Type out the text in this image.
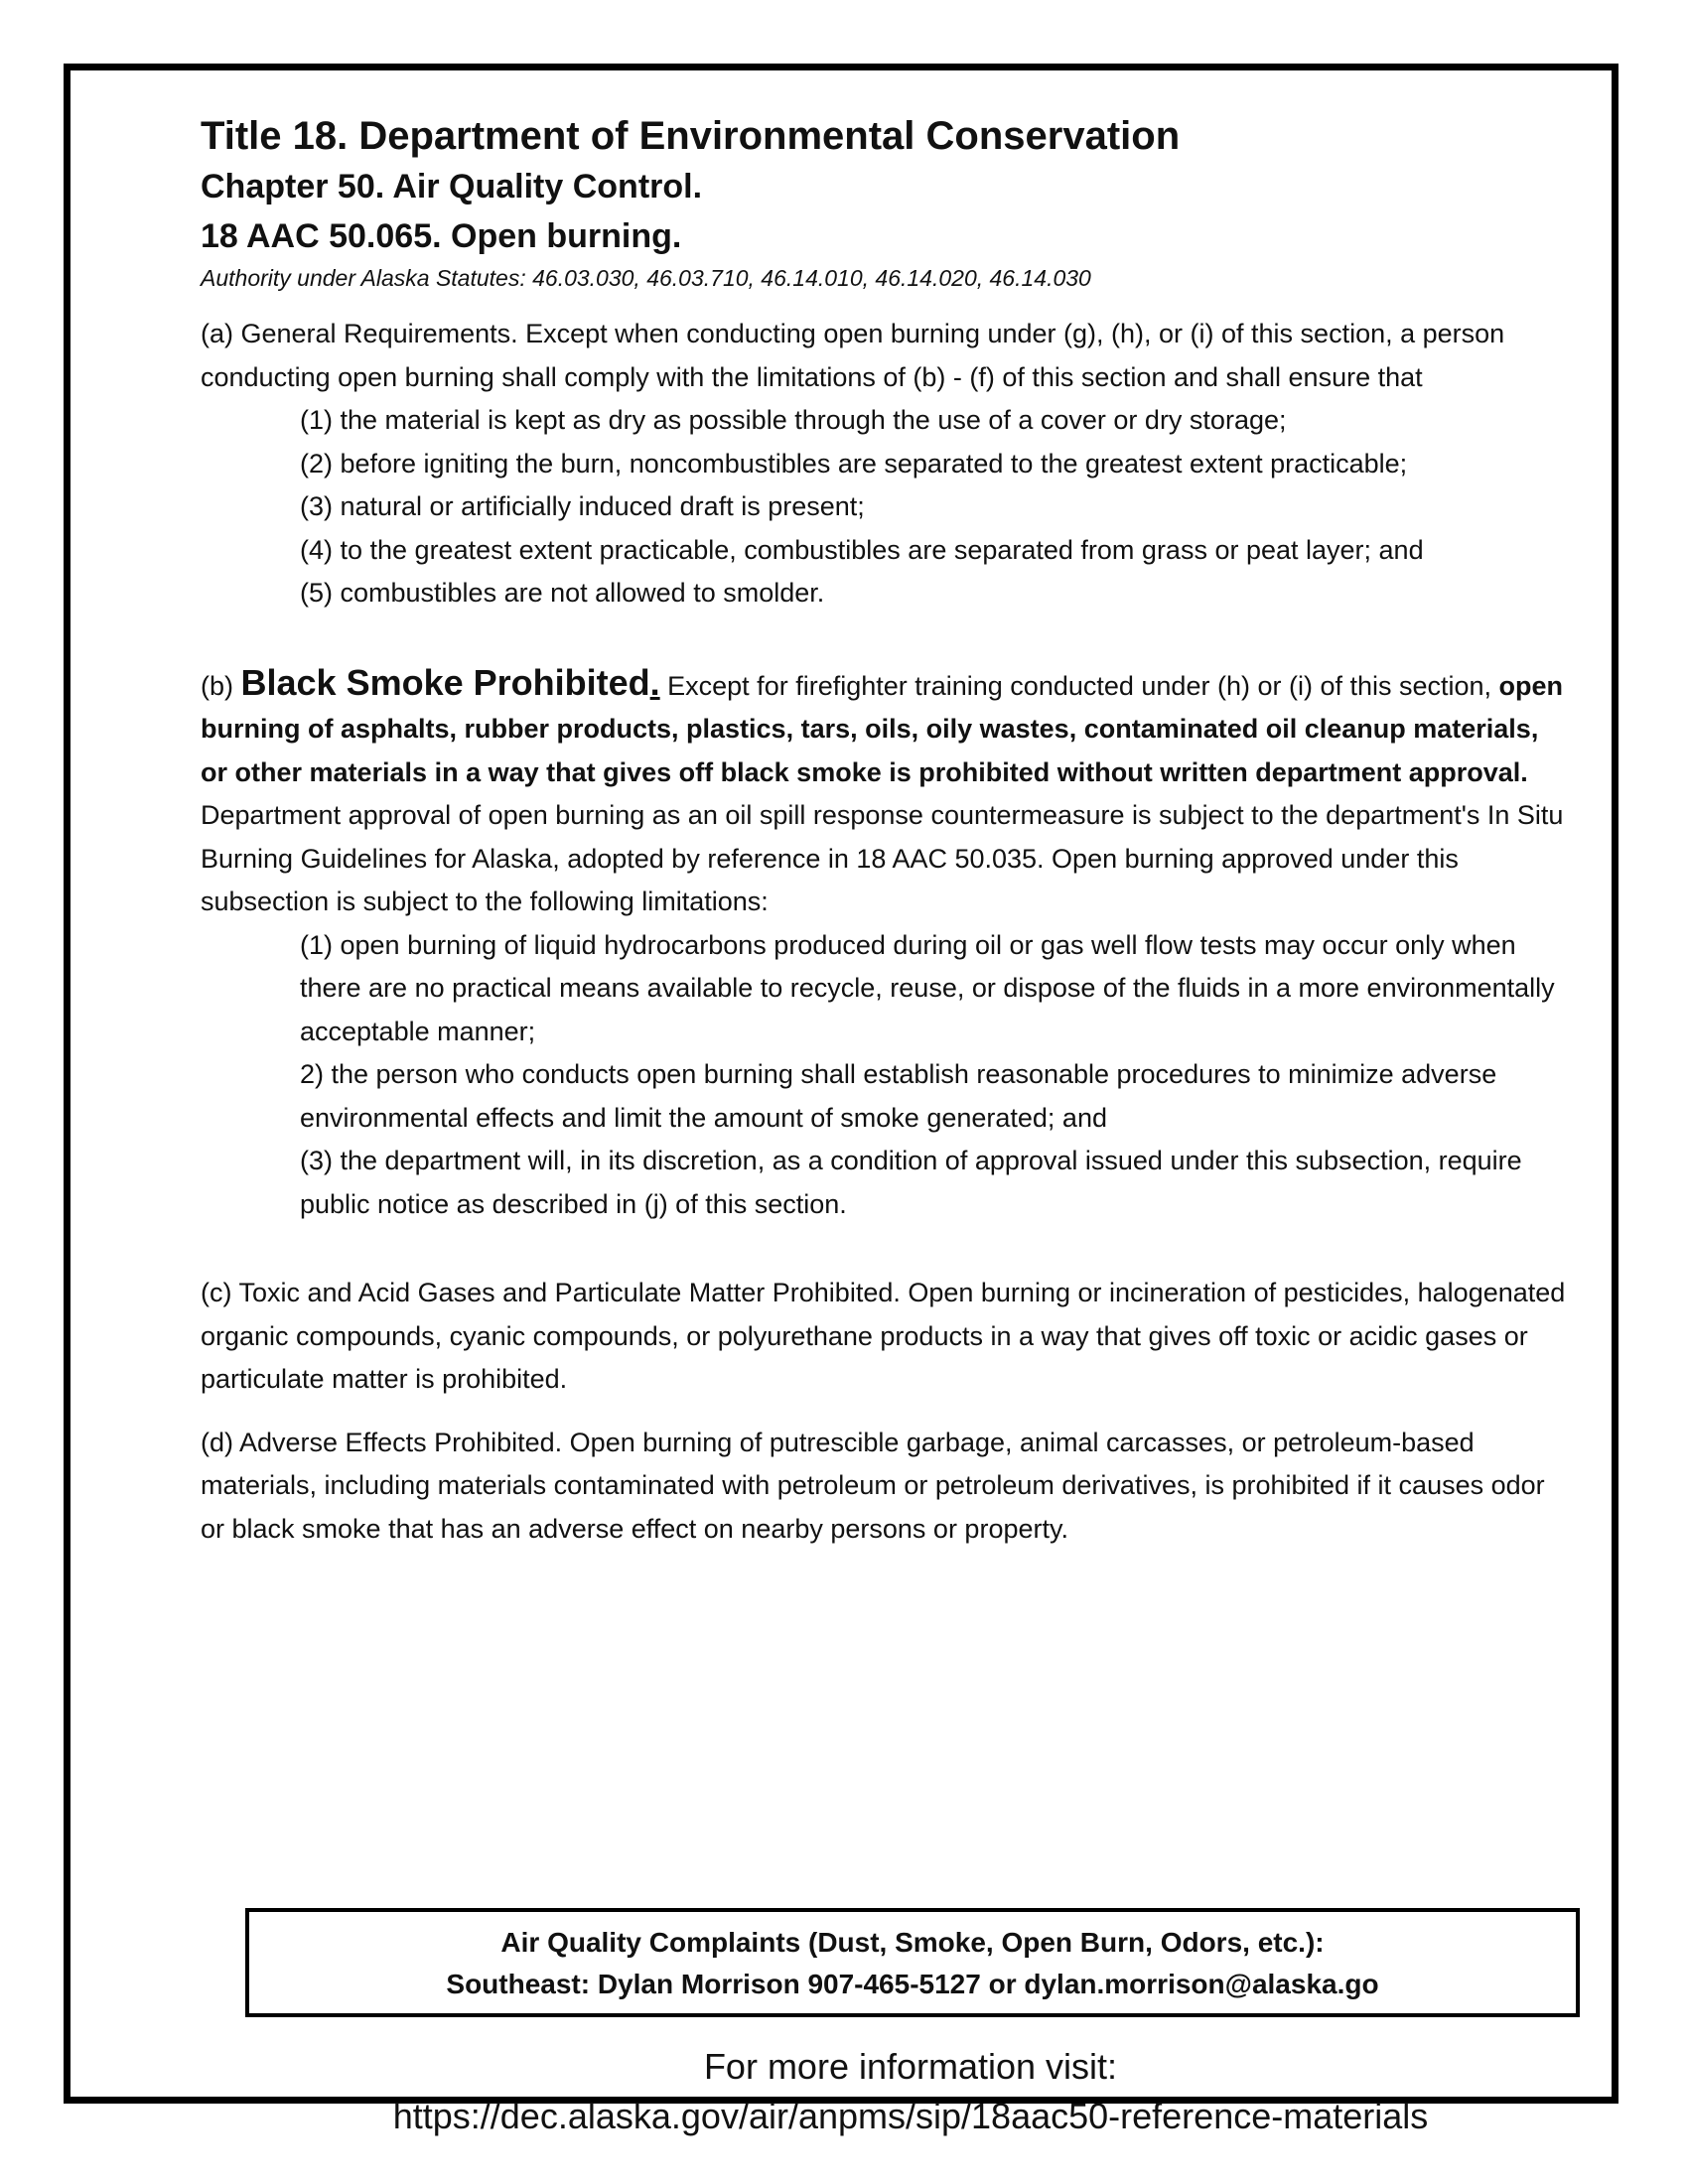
Title 18. Department of Environmental Conservation

Chapter 50. Air Quality Control.

18 AAC 50.065. Open burning.

Authority under Alaska Statutes: 46.03.030, 46.03.710, 46.14.010, 46.14.020, 46.14.030

(a) General Requirements. Except when conducting open burning under (g), (h), or (i) of this section, a person conducting open burning shall comply with the limitations of (b) - (f) of this section and shall ensure that

(1) the material is kept as dry as possible through the use of a cover or dry storage;
(2) before igniting the burn, noncombustibles are separated to the greatest extent practicable;
(3) natural or artificially induced draft is present;
(4) to the greatest extent practicable, combustibles are separated from grass or peat layer; and
(5) combustibles are not allowed to smolder.

(b) Black Smoke Prohibited. Except for firefighter training conducted under (h) or (i) of this section, open burning of asphalts, rubber products, plastics, tars, oils, oily wastes, contaminated oil cleanup materials, or other materials in a way that gives off black smoke is prohibited without written department approval. Department approval of open burning as an oil spill response countermeasure is subject to the department's In Situ Burning Guidelines for Alaska, adopted by reference in 18 AAC 50.035. Open burning approved under this subsection is subject to the following limitations:

(1) open burning of liquid hydrocarbons produced during oil or gas well flow tests may occur only when there are no practical means available to recycle, reuse, or dispose of the fluids in a more environmentally acceptable manner;
2) the person who conducts open burning shall establish reasonable procedures to minimize adverse environmental effects and limit the amount of smoke generated; and
(3) the department will, in its discretion, as a condition of approval issued under this subsection, require public notice as described in (j) of this section.

(c) Toxic and Acid Gases and Particulate Matter Prohibited. Open burning or incineration of pesticides, halogenated organic compounds, cyanic compounds, or polyurethane products in a way that gives off toxic or acidic gases or particulate matter is prohibited.

(d) Adverse Effects Prohibited. Open burning of putrescible garbage, animal carcasses, or petroleum-based materials, including materials contaminated with petroleum or petroleum derivatives, is prohibited if it causes odor or black smoke that has an adverse effect on nearby persons or property.

Air Quality Complaints (Dust, Smoke, Open Burn, Odors, etc.):
Southeast: Dylan Morrison 907-465-5127 or dylan.morrison@alaska.go
For more information visit:
https://dec.alaska.gov/air/anpms/sip/18aac50-reference-materials
